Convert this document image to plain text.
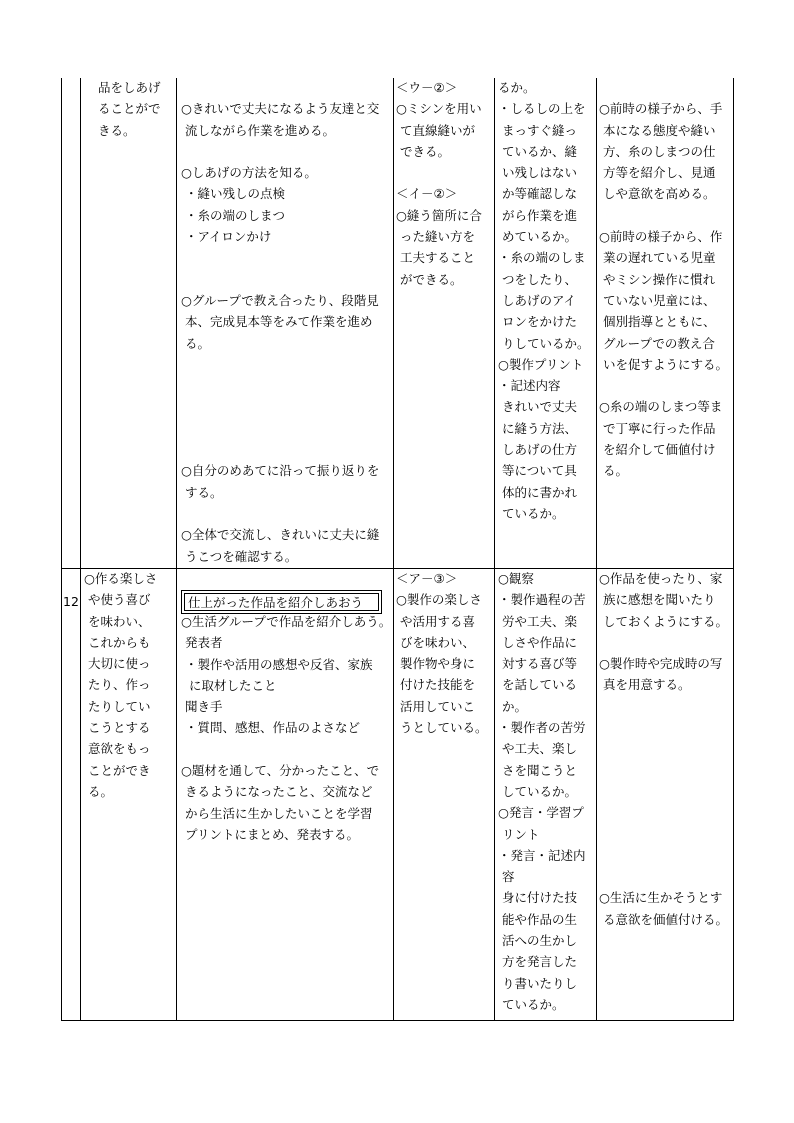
品をしあげ
ることがで
きる。
○きれいで丈夫になるよう友達と交
流しながら作業を進める。
○しあげの方法を知る。
・縫い残しの点検
・糸の端のしまつ
・アイロンかけ
○グループで教え合ったり、段階見
本、完成見本等をみて作業を進め
る。
○自分のめあてに沿って振り返りを
する。
○全体で交流し、きれいに丈夫に縫
うこつを確認する。
＜ウ－②＞
○ミシンを用い
て直線縫いが
できる。
＜イ－②＞
○縫う箇所に合
った縫い方を
工夫すること
ができる。
るか。
・しるしの上を
まっすぐ縫っ
ているか、縫
い残しはない
か等確認しな
がら作業を進
めているか。
・糸の端のしま
つをしたり、
しあげのアイ
ロンをかけた
りしているか。
○製作プリント
・記述内容
きれいで丈夫
に縫う方法、
しあげの仕方
等について具
体的に書かれ
ているか。
○前時の様子から、手
本になる態度や縫い
方、糸のしまつの仕
方等を紹介し、見通
しや意欲を高める。
○前時の様子から、作
業の遅れている児童
やミシン操作に慣れ
ていない児童には、
個別指導とともに、
グループでの教え合
いを促すようにする。
○糸の端のしまつ等ま
で丁寧に行った作品
を紹介して価値付け
る。
12
○作る楽しさ
や使う喜び
を味わい、
これからも
大切に使っ
たり、作っ
たりしてい
こうとする
意欲をもっ
ことができ
る。
仕上がった作品を紹介しあおう
○生活グループで作品を紹介しあう。
発表者
・製作や活用の感想や反省、家族
に取材したこと
聞き手
・質問、感想、作品のよさなど
○題材を通して、分かったこと、で
きるようになったこと、交流など
から生活に生かしたいことを学習
プリントにまとめ、発表する。
＜ア－③＞
○製作の楽しさ
や活用する喜
びを味わい、
製作物や身に
付けた技能を
活用していこ
うとしている。
○観察
・製作過程の苦
労や工夫、楽
しさや作品に
対する喜び等
を話している
か。
・製作者の苦労
や工夫、楽し
さを聞こうと
しているか。
○発言・学習プ
リント
・発言・記述内
容
身に付けた技
能や作品の生
活への生かし
方を発言した
り書いたりし
ているか。
○作品を使ったり、家
族に感想を聞いたり
しておくようにする。
○製作時や完成時の写
真を用意する。
○生活に生かそうとす
る意欲を価値付ける。
